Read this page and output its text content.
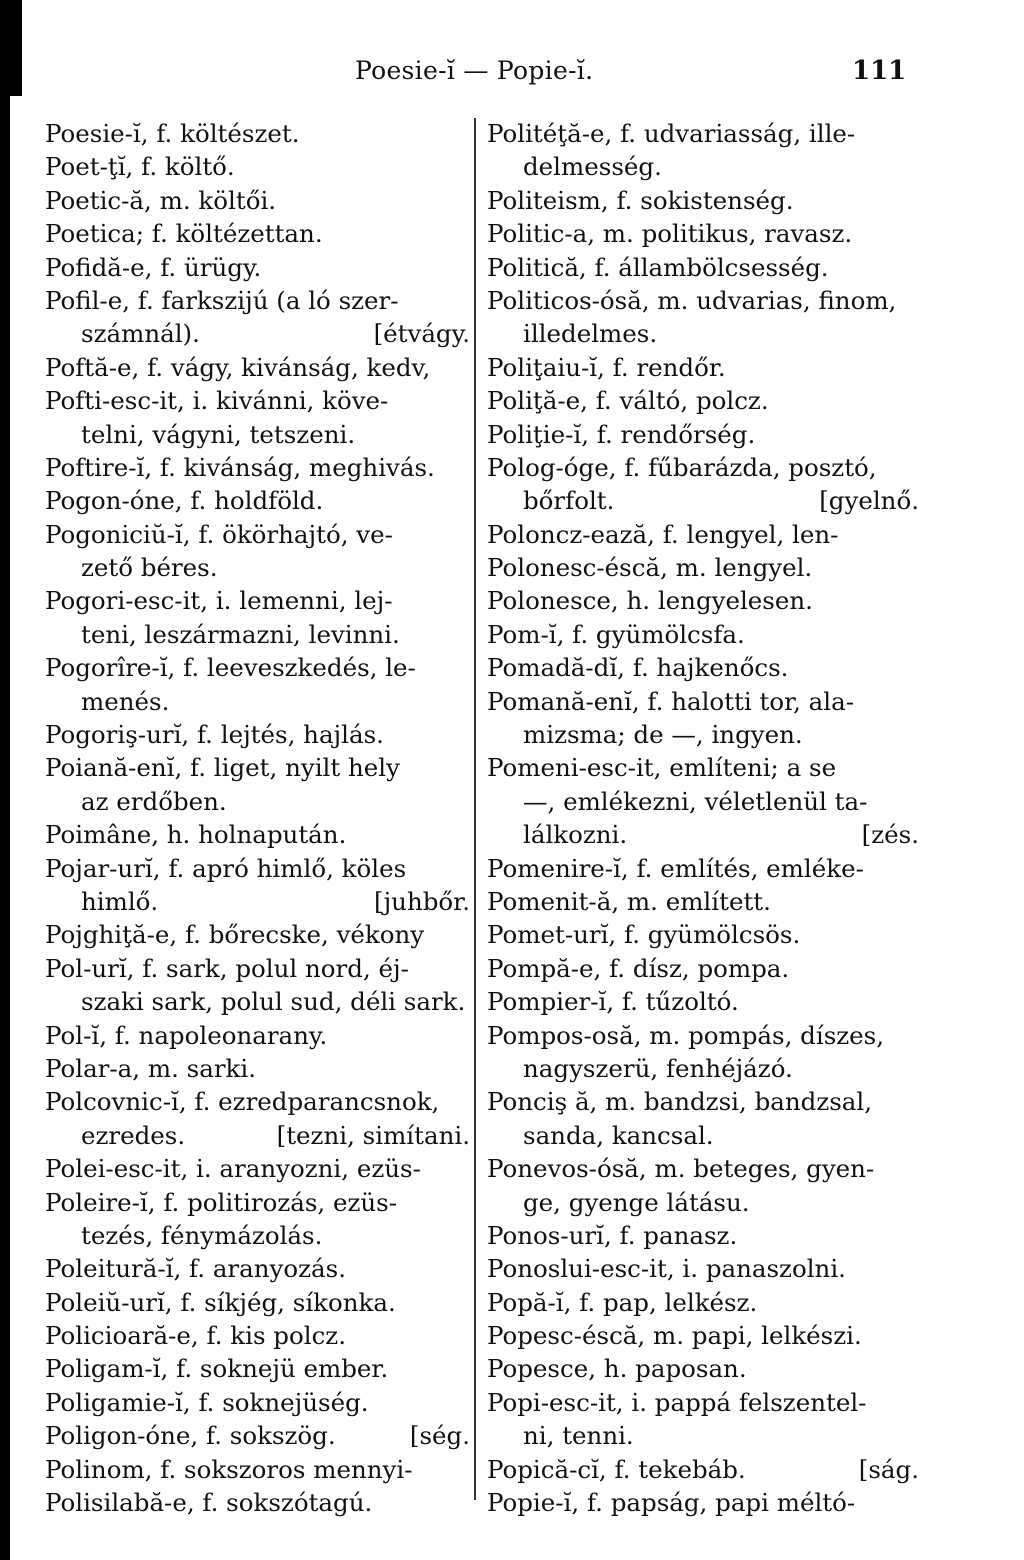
Poesie-ĭ — Popie-ĭ.	111
Poesie-ĭ, f. költészet.
Poet-ţĭ, f. költő.
Poetic-ă, m. költői.
Poetica; f. költézettan.
Pofidă-e, f. ürügy.
Pofil-e, f. farkszijú (a ló szer-
számnál).	[étvágy.
Poftă-e, f. vágy, kivánság, kedv,
Pofti-esc-it, i. kivánni, köve-
telni, vágyni, tetszeni.
Poftire-ĭ, f. kivánság, meghivás.
Pogon-óne, f. holdföld.
Pogoniciŭ-ĭ, f. ökörhajtó, ve-
zető béres.
Pogori-esc-it, i. lemenni, lej-
teni, leszármazni, levinni.
Pogorîre-ĭ, f. leeveszkedés, le-
menés.
Pogoriş-urĭ, f. lejtés, hajlás.
Poiană-enĭ, f. liget, nyilt hely
az erdőben.
Poimâne, h. holnapután.
Pojar-urĭ, f. apró himlő, köles
himlő.	[juhbőr.
Pojghiţă-e, f. bőrecske, vékony
Pol-urĭ, f. sark, polul nord, éj-
szaki sark, polul sud, déli sark.
Pol-ĭ, f. napoleonarany.
Polar-a, m. sarki.
Polcovnic-ĭ, f. ezredparancsnok,
ezredes.	[tezni, simítani.
Polei-esc-it, i. aranyozni, ezüs-
Poleire-ĭ, f. politirozás, ezüs-
tezés, fénymázolás.
Poleitură-ĭ, f. aranyozás.
Poleiŭ-urĭ, f. síkjég, síkonka.
Policioară-e, f. kis polcz.
Poligam-ĭ, f. soknejü ember.
Poligamie-ĭ, f. soknejüség.
Poligon-óne, f. sokszög.	[ség.
Polinom, f. sokszoros mennyi-
Polisilabă-e, f. sokszótagú.
Politéţă-e, f. udvariasság, ille-
delmesség.
Politeism, f. sokistenség.
Politic-a, m. politikus, ravasz.
Politică, f. állambölcsesség.
Politicos-ósă, m. udvarias, finom,
illedelmes.
Poliţaiu-ĭ, f. rendőr.
Poliţă-e, f. váltó, polcz.
Poliţie-ĭ, f. rendőrség.
Polog-óge, f. fűbarázda, posztó,
bőrfolt.	[gyelnő.
Poloncz-ează, f. lengyel, len-
Polonesc-éscă, m. lengyel.
Polonesce, h. lengyelesen.
Pom-ĭ, f. gyümölcsfa.
Pomadă-dĭ, f. hajkenőcs.
Pomană-enĭ, f. halotti tor, ala-
mizsma; de —, ingyen.
Pomeni-esc-it, említeni; a se
—, emlékezni, véletlenül ta-
lálkozni.	[zés.
Pomenire-ĭ, f. említés, emléke-
Pomenit-ă, m. említett.
Pomet-urĭ, f. gyümölcsös.
Pompă-e, f. dísz, pompa.
Pompier-ĭ, f. tűzoltó.
Pompos-osă, m. pompás, díszes,
nagyszerü, fenhéjázó.
Ponciş ă, m. bandzsi, bandzsal,
sanda, kancsal.
Ponevos-ósă, m. beteges, gyen-
ge, gyenge látásu.
Ponos-urĭ, f. panasz.
Ponoslui-esc-it, i. panaszolni.
Popă-ĭ, f. pap, lelkész.
Popesc-éscă, m. papi, lelkészi.
Popesce, h. paposan.
Popi-esc-it, i. pappá felszentel-
ni, tenni.
Popică-cĭ, f. tekebáb.	[ság.
Popie-ĭ, f. papság, papi méltó-
